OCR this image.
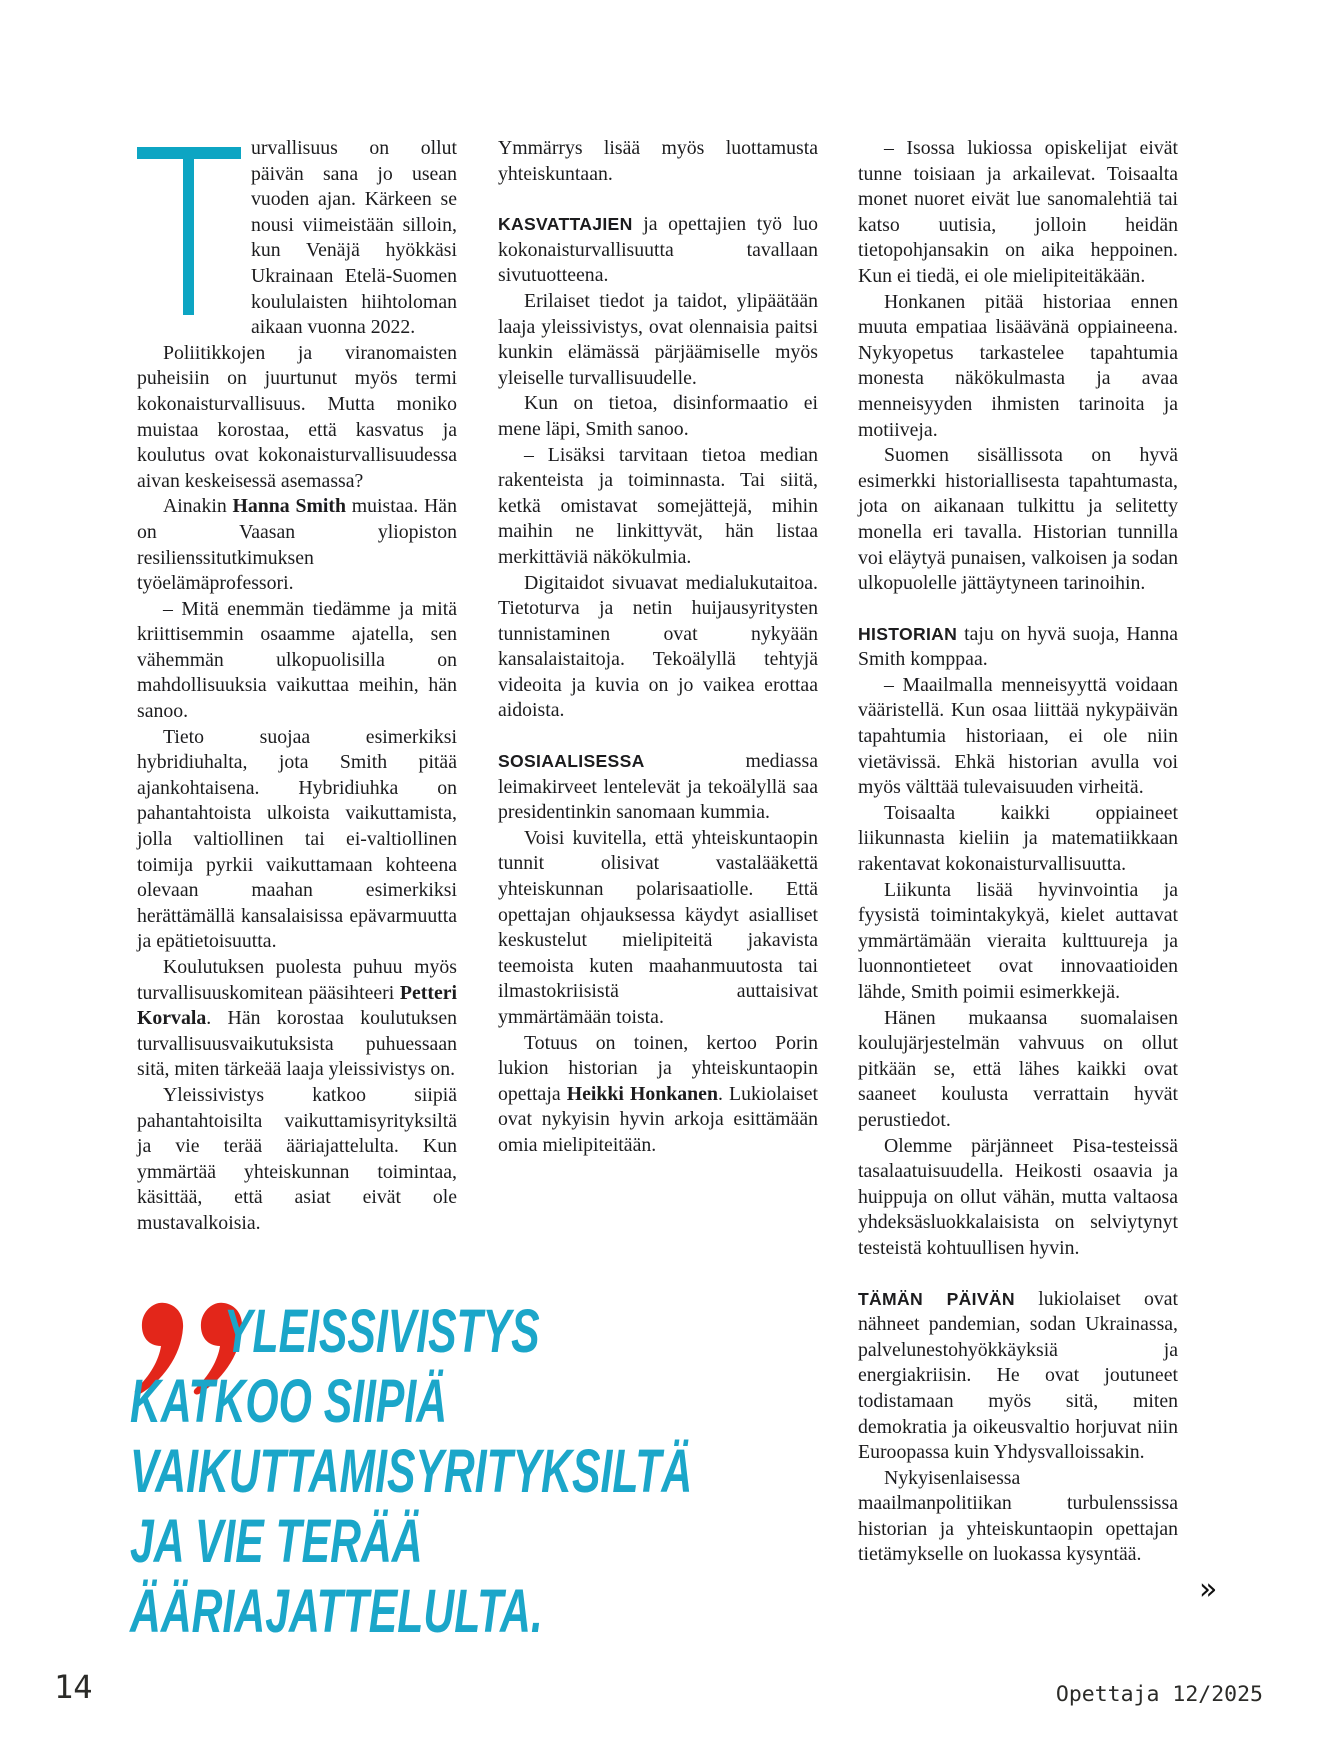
urvallisuus on ollut päivän sana jo usean vuoden ajan. Kärkeen se nousi viimeistään silloin, kun Venäjä hyökkäsi Ukrainaan Etelä-Suomen koululaisten hiihtoloman aikaan vuonna 2022.

Poliitikkojen ja viranomaisten puheisiin on juurtunut myös termi kokonaisturvallisuus. Mutta moniko muistaa korostaa, että kasvatus ja koulutus ovat kokonaisturvallisuudessa aivan keskeisessä asemassa?

Ainakin Hanna Smith muistaa. Hän on Vaasan yliopiston resilienssitutkimuksen työelämäprofessori.

– Mitä enemmän tiedämme ja mitä kriittisemmin osaamme ajatella, sen vähemmän ulkopuolisilla on mahdollisuuksia vaikuttaa meihin, hän sanoo.

Tieto suojaa esimerkiksi hybridiuhalta, jota Smith pitää ajankohtaisena. Hybridiuhka on pahantahtoista ulkoista vaikuttamista, jolla valtiollinen tai ei-valtiollinen toimija pyrkii vaikuttamaan kohteena olevaan maahan esimerkiksi herättämällä kansalaisissa epävarmuutta ja epätietoisuutta.

Koulutuksen puolesta puhuu myös turvallisuuskomitean pääsihteeri Petteri Korvala. Hän korostaa koulutuksen turvallisuusvaikutuksista puhuessaan sitä, miten tärkeää laaja yleissivistys on.

Yleissivistys katkoo siipiä pahantahtoisilta vaikuttamisyrityksiltä ja vie terää ääriajattelulta. Kun ymmärtää yhteiskunnan toimintaa, käsittää, että asiat eivät ole mustavalkoisia.

Ymmärrys lisää myös luottamusta yhteiskuntaan.

KASVATTAJIEN ja opettajien työ luo kokonaisturvallisuutta tavallaan sivutuotteena.

Erilaiset tiedot ja taidot, ylipäätään laaja yleissivistys, ovat olennaisia paitsi kunkin elämässä pärjäämiselle myös yleiselle turvallisuudelle.

Kun on tietoa, disinformaatio ei mene läpi, Smith sanoo.

– Lisäksi tarvitaan tietoa median rakenteista ja toiminnasta. Tai siitä, ketkä omistavat somejättejä, mihin maihin ne linkittyvät, hän listaa merkittäviä näkökulmia.

Digitaidot sivuavat medialukutaitoa. Tietoturva ja netin huijausyritysten tunnistaminen ovat nykyään kansalaistaitoja. Tekoälyllä tehtyjä videoita ja kuvia on jo vaikea erottaa aidoista.

SOSIAALISESSA mediassa leimakirveet lentelevät ja tekoälyllä saa presidentinkin sanomaan kummia.

Voisi kuvitella, että yhteiskuntaopin tunnit olisivat vastalääkettä yhteiskunnan polarisaatiolle. Että opettajan ohjauksessa käydyt asialliset keskustelut mielipiteitä jakavista teemoista kuten maahanmuutosta tai ilmastokriisistä auttaisivat ymmärtämään toista.

Totuus on toinen, kertoo Porin lukion historian ja yhteiskuntaopin opettaja Heikki Honkanen. Lukiolaiset ovat nykyisin hyvin arkoja esittämään omia mielipiteitään.

– Isossa lukiossa opiskelijat eivät tunne toisiaan ja arkailevat. Toisaalta monet nuoret eivät lue sanomalehtiä tai katso uutisia, jolloin heidän tietopohjansakin on aika heppoinen. Kun ei tiedä, ei ole mielipiteitäkään.

Honkanen pitää historiaa ennen muuta empatiaa lisäävänä oppiaineena. Nykyopetus tarkastelee tapahtumia monesta näkökulmasta ja avaa menneisyyden ihmisten tarinoita ja motiiveja.

Suomen sisällissota on hyvä esimerkki historiallisesta tapahtumasta, jota on aikanaan tulkittu ja selitetty monella eri tavalla. Historian tunnilla voi eläytyä punaisen, valkoisen ja sodan ulkopuolelle jättäytyneen tarinoihin.

HISTORIAN taju on hyvä suoja, Hanna Smith komppaa.

– Maailmalla menneisyyttä voidaan vääristellä. Kun osaa liittää nykypäivän tapahtumia historiaan, ei ole niin vietävissä. Ehkä historian avulla voi myös välttää tulevaisuuden virheitä.

Toisaalta kaikki oppiaineet liikunnasta kieliin ja matematiikkaan rakentavat kokonaisturvallisuutta.

Liikunta lisää hyvinvointia ja fyysistä toimintakykyä, kielet auttavat ymmärtämään vieraita kulttuureja ja luonnontieteet ovat innovaatioiden lähde, Smith poimii esimerkkejä.

Hänen mukaansa suomalaisen koulujärjestelmän vahvuus on ollut pitkään se, että lähes kaikki ovat saaneet koulusta verrattain hyvät perustiedot.

Olemme pärjänneet Pisa-testeissä tasalaatuisuudella. Heikosti osaavia ja huippuja on ollut vähän, mutta valtaosa yhdeksäsluokkalaisista on selviytynyt testeistä kohtuullisen hyvin.

TÄMÄN PÄIVÄN lukiolaiset ovat nähneet pandemian, sodan Ukrainassa, palvelunestohyökkäyksiä ja energiakriisin. He ovat joutuneet todistamaan myös sitä, miten demokratia ja oikeusvaltio horjuvat niin Euroopassa kuin Yhdysvalloissakin.

Nykyisenlaisessa maailmanpolitiikan turbulenssissa historian ja yhteiskuntaopin opettajan tietämykselle on luokassa kysyntää.

YLEISSIVISTYS
KATKOO SIIPIÄ
VAIKUTTAMISYRITYKSILTÄ
JA VIE TERÄÄ
ÄÄRIAJATTELULTA.	»
14	Opettaja 12/2025
